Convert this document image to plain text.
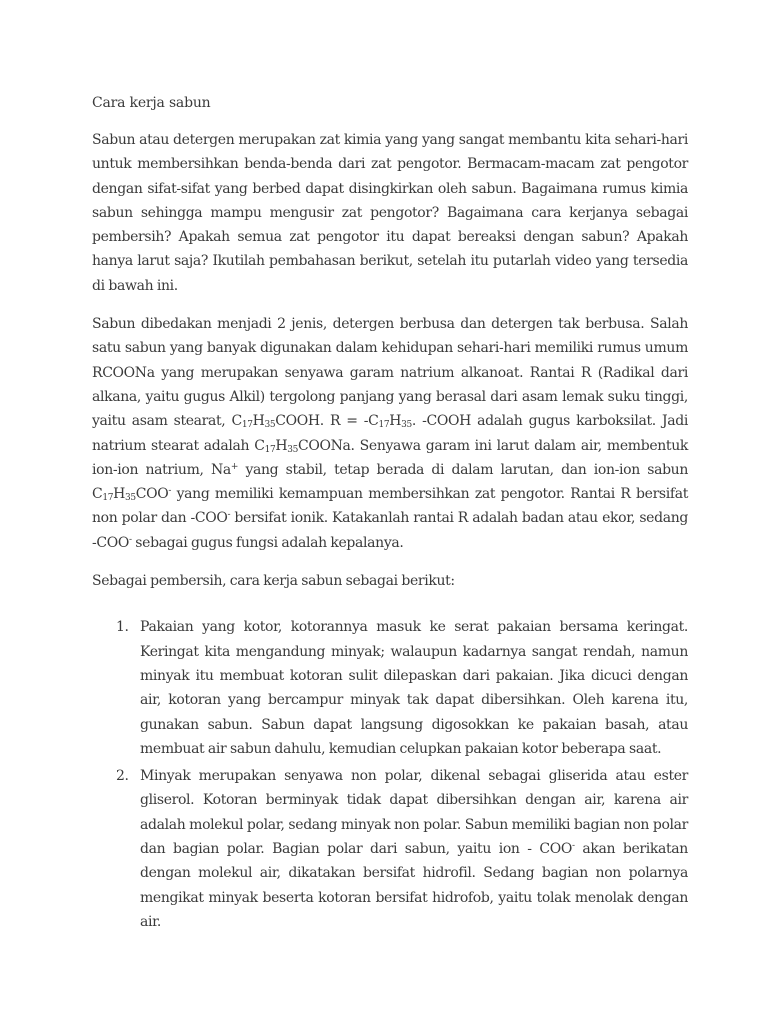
Cara kerja sabun

Sabun atau detergen merupakan zat kimia yang yang sangat membantu kita sehari-hari untuk membersihkan benda-benda dari zat pengotor. Bermacam-macam zat pengotor dengan sifat-sifat yang berbed dapat disingkirkan oleh sabun. Bagaimana rumus kimia sabun sehingga mampu mengusir zat pengotor? Bagaimana cara kerjanya sebagai pembersih? Apakah semua zat pengotor itu dapat bereaksi dengan sabun? Apakah hanya larut saja? Ikutilah pembahasan berikut, setelah itu putarlah video yang tersedia di bawah ini.

Sabun dibedakan menjadi 2 jenis, detergen berbusa dan detergen tak berbusa. Salah satu sabun yang banyak digunakan dalam kehidupan sehari-hari memiliki rumus umum RCOONa yang merupakan senyawa garam natrium alkanoat. Rantai R (Radikal dari alkana, yaitu gugus Alkil) tergolong panjang yang berasal dari asam lemak suku tinggi, yaitu asam stearat, $C_{17}H_{35}COOH$. $R = -C_{17}H_{35}$. -COOH adalah gugus karboksilat. Jadi natrium stearat adalah $C_{17}H_{35}COONa$. Senyawa garam ini larut dalam air, membentuk ion-ion natrium, Na+ yang stabil, tetap berada di dalam larutan, dan ion-ion sabun $C_{17}H_{35}COO^-$ yang memiliki kemampuan membersihkan zat pengotor. Rantai R bersifat non polar dan -COO- bersifat ionik. Katakanlah rantai R adalah badan atau ekor, sedang -COO- sebagai gugus fungsi adalah kepalanya.

Sebagai pembersih, cara kerja sabun sebagai berikut:

1. Pakaian yang kotor, kotorannya masuk ke serat pakaian bersama keringat. Keringat kita mengandung minyak; walaupun kadarnya sangat rendah, namun minyak itu membuat kotoran sulit dilepaskan dari pakaian. Jika dicuci dengan air, kotoran yang bercampur minyak tak dapat dibersihkan. Oleh karena itu, gunakan sabun. Sabun dapat langsung digosokkan ke pakaian basah, atau membuat air sabun dahulu, kemudian celupkan pakaian kotor beberapa saat.
2. Minyak merupakan senyawa non polar, dikenal sebagai gliserida atau ester gliserol. Kotoran berminyak tidak dapat dibersihkan dengan air, karena air adalah molekul polar, sedang minyak non polar. Sabun memiliki bagian non polar dan bagian polar. Bagian polar dari sabun, yaitu ion - COO- akan berikatan dengan molekul air, dikatakan bersifat hidrofil. Sedang bagian non polarnya mengikat minyak beserta kotoran bersifat hidrofob, yaitu tolak menolak dengan air.
